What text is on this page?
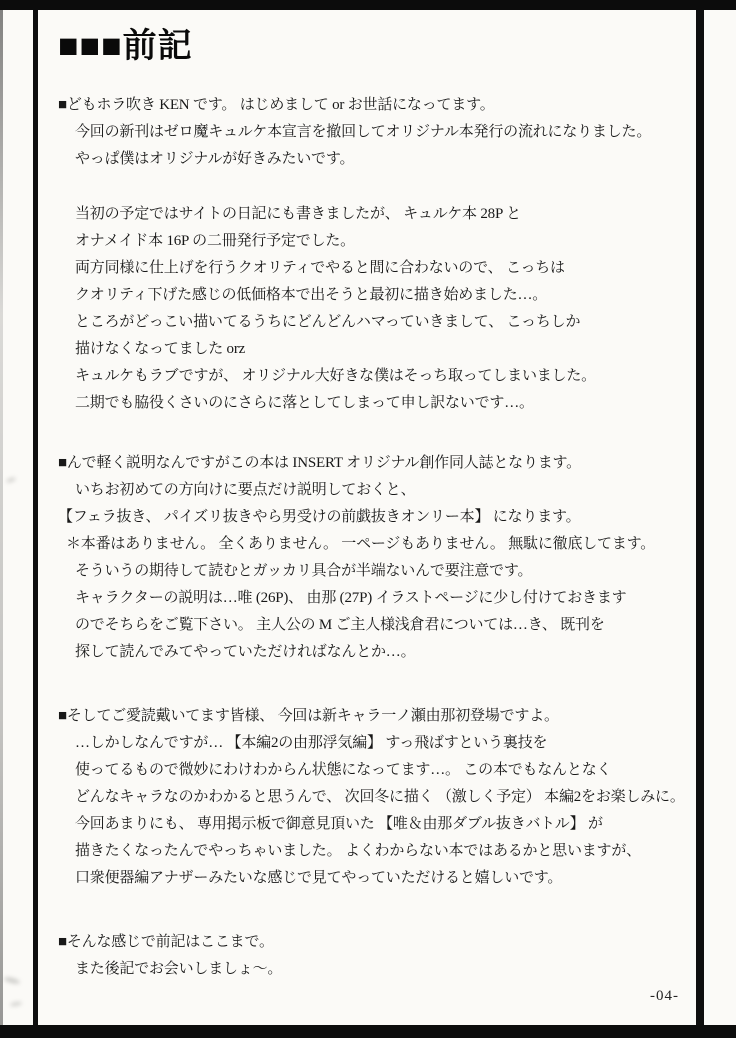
■■■前記
■どもホラ吹き KEN です。 はじめまして or お世話になってます。
今回の新刊はゼロ魔キュルケ本宣言を撤回してオリジナル本発行の流れになりました。
やっぱ僕はオリジナルが好きみたいです。
当初の予定ではサイトの日記にも書きましたが、 キュルケ本 28P と
オナメイド本 16P の二冊発行予定でした。
両方同様に仕上げを行うクオリティでやると間に合わないので、 こっちは
クオリティ下げた感じの低価格本で出そうと最初に描き始めました…。
ところがどっこい描いてるうちにどんどんハマっていきまして、 こっちしか
描けなくなってました orz
キュルケもラブですが、 オリジナル大好きな僕はそっち取ってしまいました。
二期でも脇役くさいのにさらに落としてしまって申し訳ないです…。
■んで軽く説明なんですがこの本は INSERT オリジナル創作同人誌となります。
いちお初めての方向けに要点だけ説明しておくと、
【フェラ抜き、 パイズリ抜きやら男受けの前戯抜きオンリー本】 になります。
＊本番はありません。 全くありません。 一ページもありません。 無駄に徹底してます。
そういうの期待して読むとガッカリ具合が半端ないんで要注意です。
キャラクターの説明は…唯 (26P)、 由那 (27P) イラストページに少し付けておきます
のでそちらをご覧下さい。 主人公の M ご主人様浅倉君については…き、 既刊を
探して読んでみてやっていただければなんとか…。
■そしてご愛読戴いてます皆様、 今回は新キャラ一ノ瀬由那初登場ですよ。
…しかしなんですが… 【本編2の由那浮気編】 すっ飛ばすという裏技を
使ってるもので微妙にわけわからん状態になってます…。 この本でもなんとなく
どんなキャラなのかわかると思うんで、 次回冬に描く （激しく予定） 本編2をお楽しみに。
今回あまりにも、 専用掲示板で御意見頂いた 【唯＆由那ダブル抜きバトル】 が
描きたくなったんでやっちゃいました。 よくわからない本ではあるかと思いますが、
口衆便器編アナザーみたいな感じで見てやっていただけると嬉しいです。
■そんな感じで前記はここまで。
また後記でお会いしましょ～。
-04-
